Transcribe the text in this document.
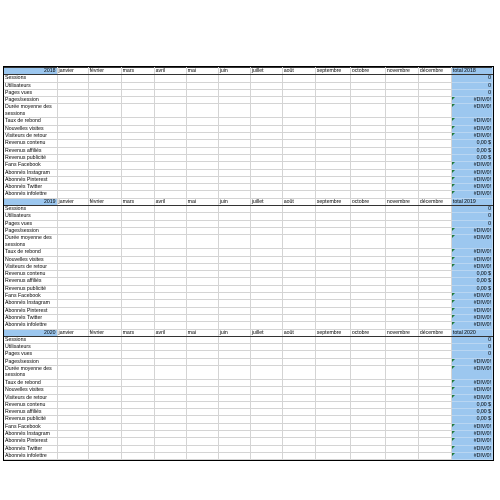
2018	janvier	février	mars	avril	mai	juin	juillet	août	septembre	octobre	novembre	décembre	total 2018
Sessions													0
Utilisateurs													0
Pages vues													0
Pages/session													#DIV/0!
Durée moyenne des sessions													#DIV/0!
Taux de rebond													#DIV/0!
Nouvelles visites													#DIV/0!
Visiteurs de retour													#DIV/0!
Revenus contenu													0,00 $
Revenus affiliés													0,00 $
Revenus publicité													0,00 $
Fans Facebook													#DIV/0!
Abonnés Instagram													#DIV/0!
Abonnés Pinterest													#DIV/0!
Abonnés Twitter													#DIV/0!
Abonnés infolettre													#DIV/0!
2019	janvier	février	mars	avril	mai	juin	juillet	août	septembre	octobre	novembre	décembre	total 2019
Sessions													0
Utilisateurs													0
Pages vues													0
Pages/session													#DIV/0!
Durée moyenne des sessions													#DIV/0!
Taux de rebond													#DIV/0!
Nouvelles visites													#DIV/0!
Visiteurs de retour													#DIV/0!
Revenus contenu													0,00 $
Revenus affiliés													0,00 $
Revenus publicité													0,00 $
Fans Facebook													#DIV/0!
Abonnés Instagram													#DIV/0!
Abonnés Pinterest													#DIV/0!
Abonnés Twitter													#DIV/0!
Abonnés infolettre													#DIV/0!
2020	janvier	février	mars	avril	mai	juin	juillet	août	septembre	octobre	novembre	décembre	total 2020
Sessions													0
Utilisateurs													0
Pages vues													0
Pages/session													#DIV/0!
Durée moyenne des sessions													#DIV/0!
Taux de rebond													#DIV/0!
Nouvelles visites													#DIV/0!
Visiteurs de retour													#DIV/0!
Revenus contenu													0,00 $
Revenus affiliés													0,00 $
Revenus publicité													0,00 $
Fans Facebook													#DIV/0!
Abonnés Instagram													#DIV/0!
Abonnés Pinterest													#DIV/0!
Abonnés Twitter													#DIV/0!
Abonnés infolettre													#DIV/0!
